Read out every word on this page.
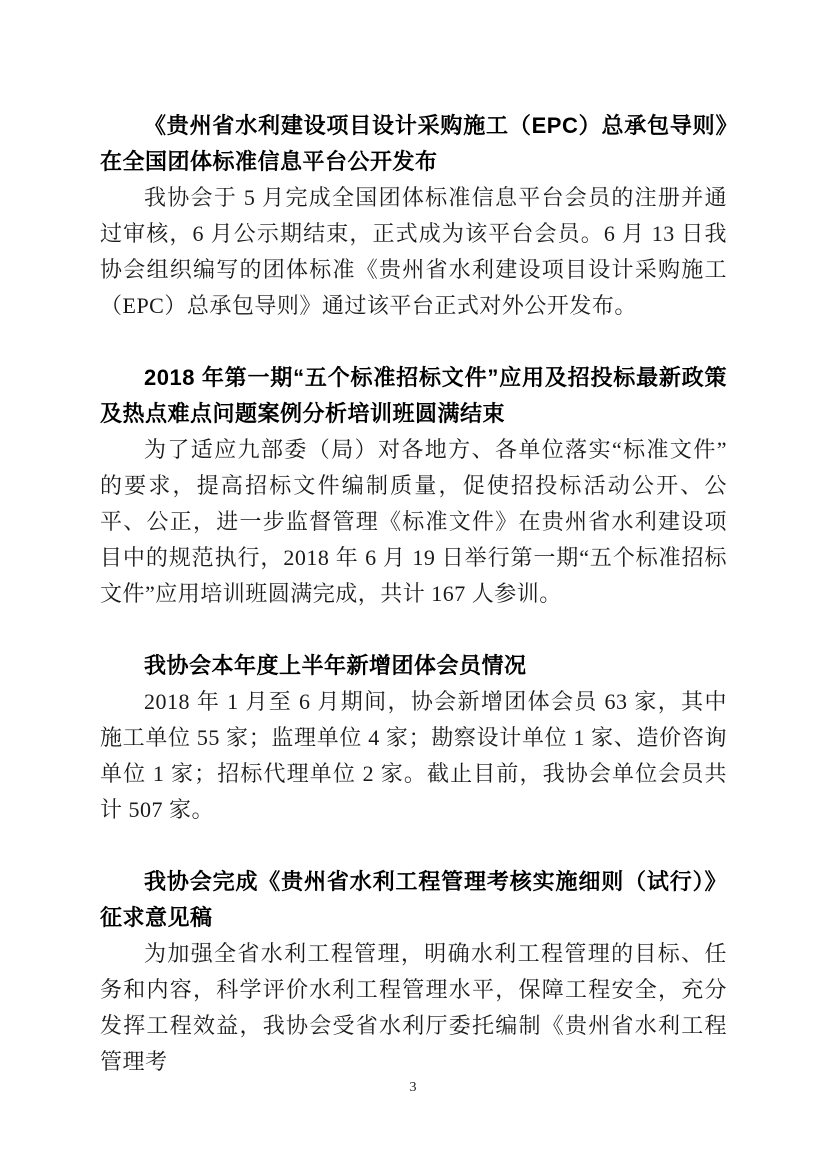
《贵州省水利建设项目设计采购施工（EPC）总承包导则》在全国团体标准信息平台公开发布

我协会于 5 月完成全国团体标准信息平台会员的注册并通过审核，6 月公示期结束，正式成为该平台会员。6 月 13 日我协会组织编写的团体标准《贵州省水利建设项目设计采购施工（EPC）总承包导则》通过该平台正式对外公开发布。

2018 年第一期“五个标准招标文件”应用及招投标最新政策及热点难点问题案例分析培训班圆满结束

为了适应九部委（局）对各地方、各单位落实“标准文件”的要求，提高招标文件编制质量，促使招投标活动公开、公平、公正，进一步监督管理《标准文件》在贵州省水利建设项目中的规范执行，2018 年 6 月 19 日举行第一期“五个标准招标文件”应用培训班圆满完成，共计 167 人参训。

我协会本年度上半年新增团体会员情况

2018 年 1 月至 6 月期间，协会新增团体会员 63 家，其中施工单位 55 家；监理单位 4 家；勘察设计单位 1 家、造价咨询单位 1 家；招标代理单位 2 家。截止目前，我协会单位会员共计 507 家。

我协会完成《贵州省水利工程管理考核实施细则（试行）》征求意见稿

为加强全省水利工程管理，明确水利工程管理的目标、任务和内容，科学评价水利工程管理水平，保障工程安全，充分发挥工程效益，我协会受省水利厅委托编制《贵州省水利工程管理考

3
